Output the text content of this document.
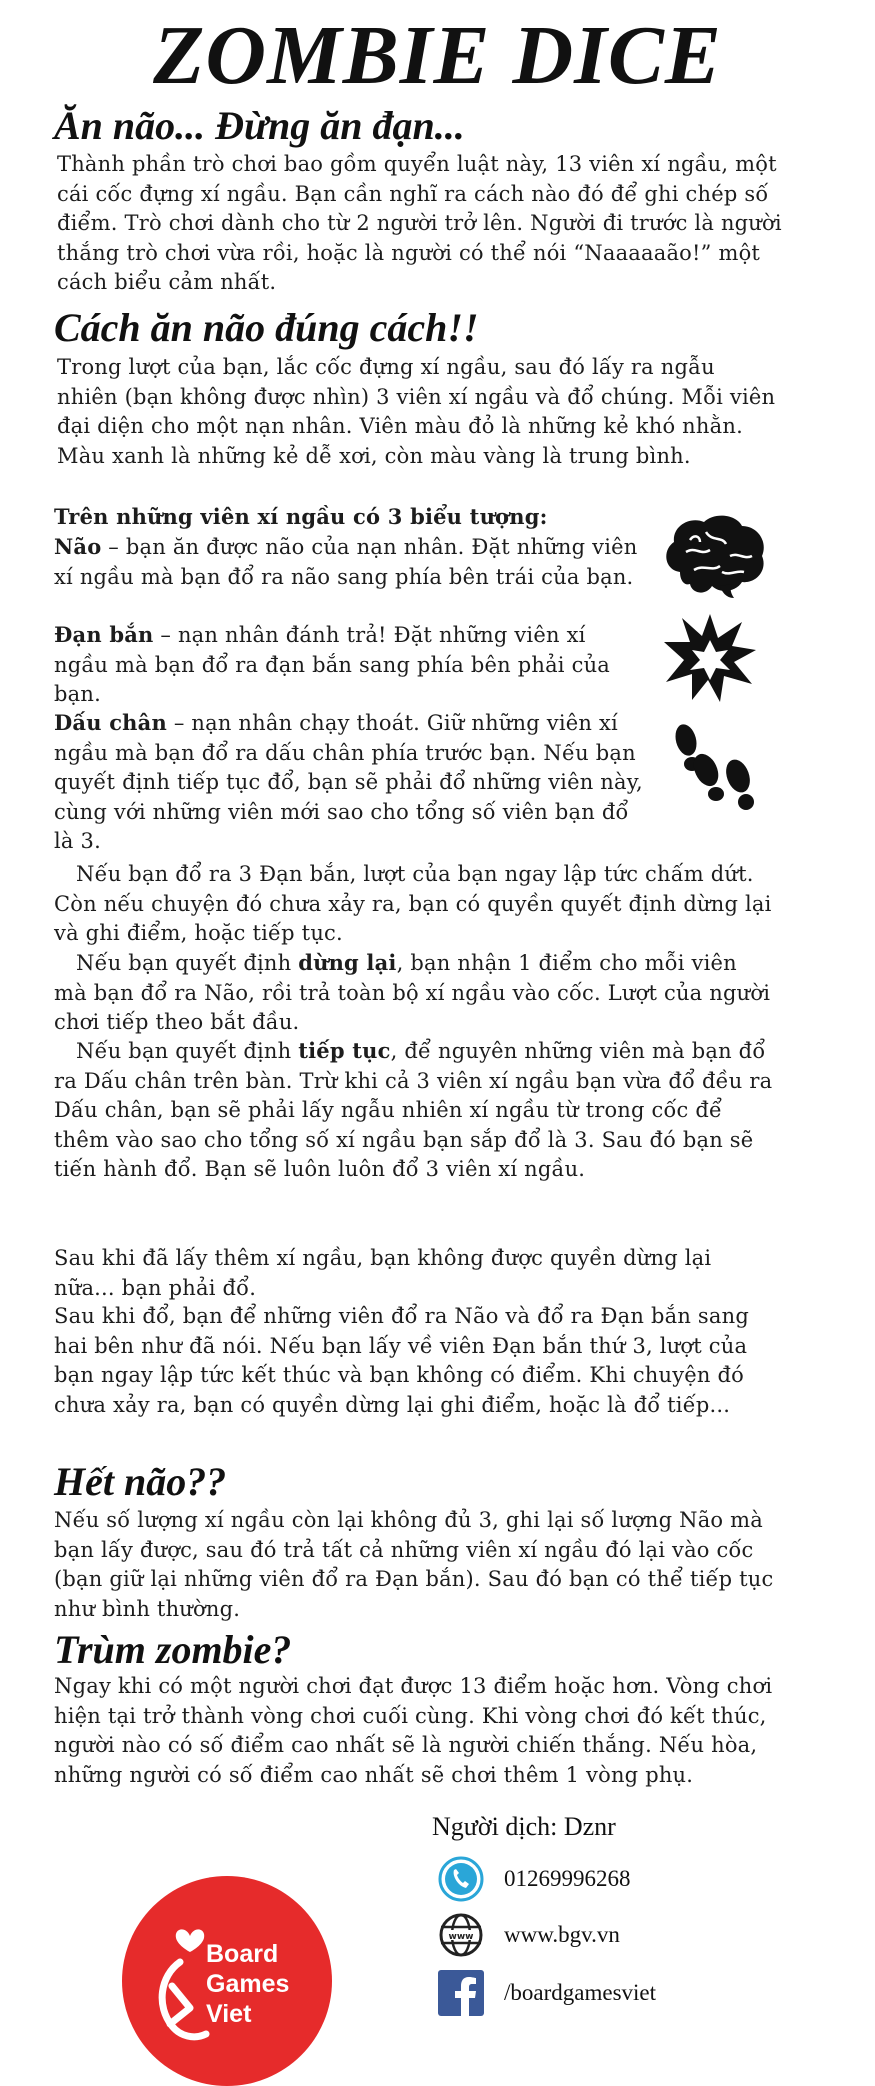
ZOMBIE DICE
Ăn não... Đừng ăn đạn...

Thành phần trò chơi bao gồm quyển luật này, 13 viên xí ngầu, một cái cốc đựng xí ngầu. Bạn cần nghĩ ra cách nào đó để ghi chép số điểm. Trò chơi dành cho từ 2 người trở lên. Người đi trước là người thắng trò chơi vừa rồi, hoặc là người có thể nói “Naaaaaão!” một cách biểu cảm nhất.

Cách ăn não đúng cách!!

Trong lượt của bạn, lắc cốc đựng xí ngầu, sau đó lấy ra ngẫu nhiên (bạn không được nhìn) 3 viên xí ngầu và đổ chúng. Mỗi viên đại diện cho một nạn nhân. Viên màu đỏ là những kẻ khó nhằn. Màu xanh là những kẻ dễ xơi, còn màu vàng là trung bình.

Trên những viên xí ngầu có 3 biểu tượng:

Não – bạn ăn được não của nạn nhân. Đặt những viên xí ngầu mà bạn đổ ra não sang phía bên trái của bạn.

Đạn bắn – nạn nhân đánh trả! Đặt những viên xí ngầu mà bạn đổ ra đạn bắn sang phía bên phải của bạn.

Dấu chân – nạn nhân chạy thoát. Giữ những viên xí ngầu mà bạn đổ ra dấu chân phía trước bạn. Nếu bạn quyết định tiếp tục đổ, bạn sẽ phải đổ những viên này, cùng với những viên mới sao cho tổng số viên bạn đổ là 3.

Nếu bạn đổ ra 3 Đạn bắn, lượt của bạn ngay lập tức chấm dứt. Còn nếu chuyện đó chưa xảy ra, bạn có quyền quyết định dừng lại và ghi điểm, hoặc tiếp tục.

Nếu bạn quyết định dừng lại, bạn nhận 1 điểm cho mỗi viên mà bạn đổ ra Não, rồi trả toàn bộ xí ngầu vào cốc. Lượt của người chơi tiếp theo bắt đầu.

Nếu bạn quyết định tiếp tục, để nguyên những viên mà bạn đổ ra Dấu chân trên bàn. Trừ khi cả 3 viên xí ngầu bạn vừa đổ đều ra Dấu chân, bạn sẽ phải lấy ngẫu nhiên xí ngầu từ trong cốc để thêm vào sao cho tổng số xí ngầu bạn sắp đổ là 3. Sau đó bạn sẽ tiến hành đổ. Bạn sẽ luôn luôn đổ 3 viên xí ngầu.

Sau khi đã lấy thêm xí ngầu, bạn không được quyền dừng lại nữa... bạn phải đổ.

Sau khi đổ, bạn để những viên đổ ra Não và đổ ra Đạn bắn sang hai bên như đã nói. Nếu bạn lấy về viên Đạn bắn thứ 3, lượt của bạn ngay lập tức kết thúc và bạn không có điểm. Khi chuyện đó chưa xảy ra, bạn có quyền dừng lại ghi điểm, hoặc là đổ tiếp...

Hết não??

Nếu số lượng xí ngầu còn lại không đủ 3, ghi lại số lượng Não mà bạn lấy được, sau đó trả tất cả những viên xí ngầu đó lại vào cốc (bạn giữ lại những viên đổ ra Đạn bắn). Sau đó bạn có thể tiếp tục như bình thường.

Trùm zombie?

Ngay khi có một người chơi đạt được 13 điểm hoặc hơn. Vòng chơi hiện tại trở thành vòng chơi cuối cùng. Khi vòng chơi đó kết thúc, người nào có số điểm cao nhất sẽ là người chiến thắng. Nếu hòa, những người có số điểm cao nhất sẽ chơi thêm 1 vòng phụ.

Người dịch: Dznr
01269996268
www www.bgv.vn
/boardgamesviet
Board
Games
Viet
